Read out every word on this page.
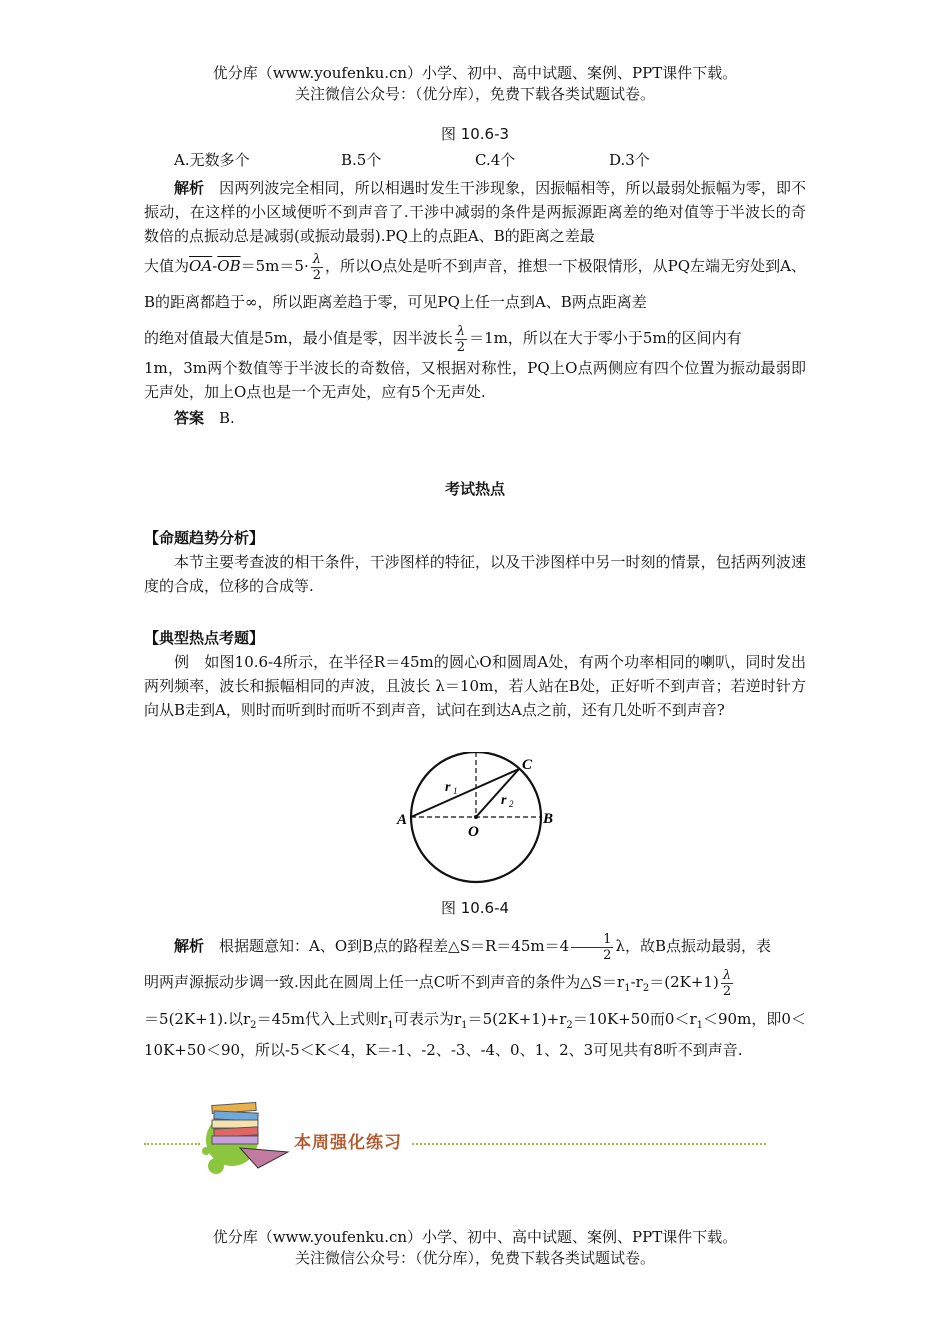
优分库（www.youfenku.cn）小学、初中、高中试题、案例、PPT课件下载。
关注微信公众号：（优分库），免费下载各类试题试卷。
图 10.6-3
A.无数多个	B.5个	C.4个	D.3个

解析　 因两列波完全相同，所以相遇时发生干涉现象，因振幅相等，所以最弱处振幅为零，即不振动，在这样的小区域便听不到声音了.干涉中减弱的条件是两振源距离差的绝对值等于半波长的奇数倍的点振动总是减弱(或振动最弱).PQ上的点距A、B的距离之差最

大值为$\overline{OA}-\overline{OB}=5m=5\cdot \frac{\lambda}{2}$ ，所以O点处是听不到声音，推想一下极限情形，从PQ左端无穷处到A、B的距离都趋于∞，所以距离差趋于零，可见PQ上任一点到A、B两点距离差

的绝对值最大值是5m，最小值是零，因半波长 $\frac{\lambda}{2} =1m$，所以在大于零小于5m的区间内有

1m，3m两个数值等于半波长的奇数倍，又根据对称性，PQ上O点两侧应有四个位置为振动最弱即无声处，加上O点也是一个无声处，应有5个无声处.

答案　 B.

考试热点

【命题趋势分析】

本节主要考查波的相干条件，干涉图样的特征，以及干涉图样中另一时刻的情景，包括两列波速度的合成，位移的合成等.

【典型热点考题】

例　如图10.6-4所示，在半径R＝45m的圆心O和圆周A处，有两个功率相同的喇叭，同时发出两列频率，波长和振幅相同的声波，且波长 λ＝10m，若人站在B处，正好听不到声音；若逆时针方向从B走到A，则时而听到时而听不到声音，试问在到达A点之前，还有几处听不到声音?

A	B
C
O
r 1
r 2
图 10.6-4

解析　 根据题意知：A、O到B点的路程差△S＝R＝45m＝4 $\frac{1}{2}$ λ，故B点振动最弱，表

明两声源振动步调一致.因此在圆周上任一点C听不到声音的条件为$\triangle S=r_1-r_2=(2K+1) \frac{\lambda}{2}$

＝5(2K+1).以$r_2=45m$代入上式则$r_1$可表示为$r_1=5(2K+1)+r_2=10K+50$而$0<r_1<90m$，即0＜10K+50＜90，所以-5＜K＜4，K＝-1、-2、-3、-4、0、1、2、3可见共有8听不到声音.

本周强化练习
优分库（www.youfenku.cn）小学、初中、高中试题、案例、PPT课件下载。
关注微信公众号：（优分库），免费下载各类试题试卷。
